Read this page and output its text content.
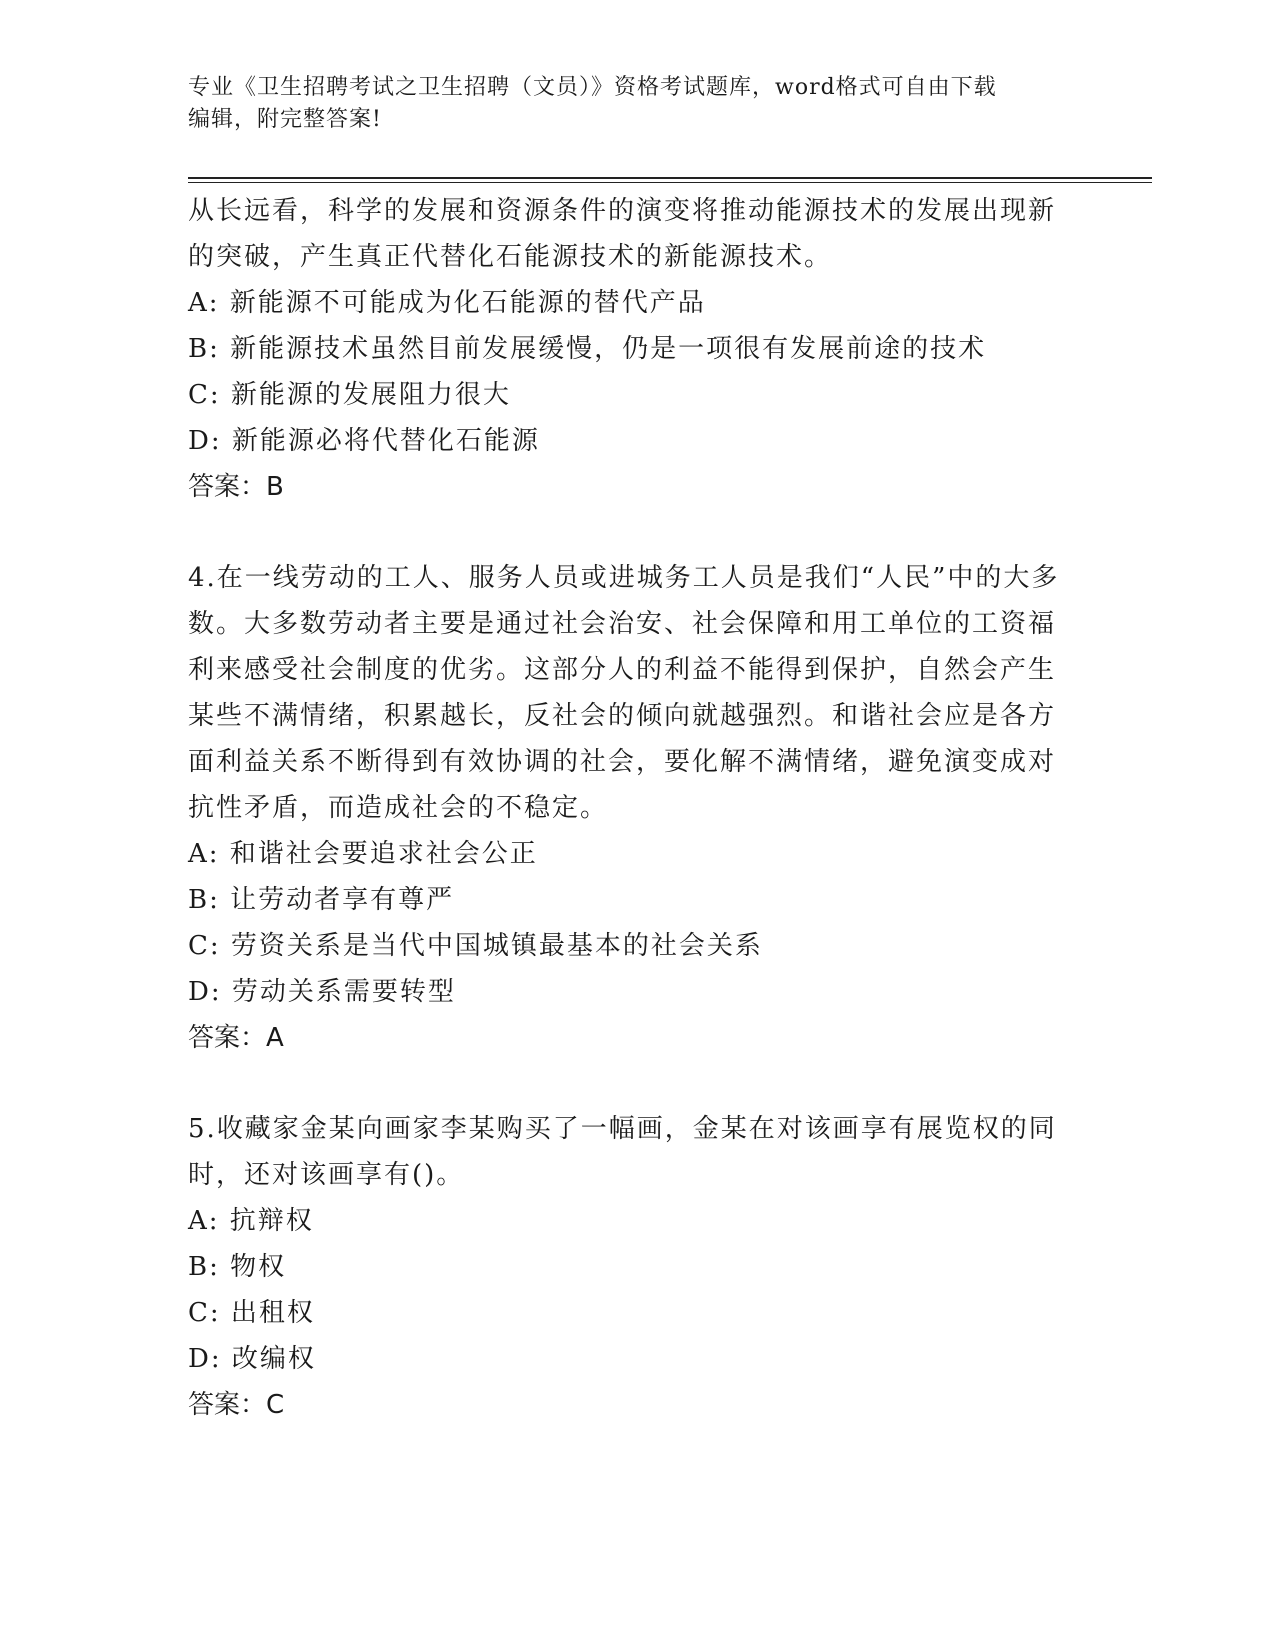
专业《卫生招聘考试之卫生招聘（文员）》资格考试题库，word格式可自由下载
编辑，附完整答案!

从长远看，科学的发展和资源条件的演变将推动能源技术的发展出现新的突破，产生真正代替化石能源技术的新能源技术。

A: 新能源不可能成为化石能源的替代产品

B: 新能源技术虽然目前发展缓慢，仍是一项很有发展前途的技术

C: 新能源的发展阻力很大

D: 新能源必将代替化石能源

答案：B

4.在一线劳动的工人、服务人员或进城务工人员是我们“人民”中的大多数。大多数劳动者主要是通过社会治安、社会保障和用工单位的工资福利来感受社会制度的优劣。这部分人的利益不能得到保护，自然会产生某些不满情绪，积累越长，反社会的倾向就越强烈。和谐社会应是各方面利益关系不断得到有效协调的社会，要化解不满情绪，避免演变成对抗性矛盾，而造成社会的不稳定。

A: 和谐社会要追求社会公正

B: 让劳动者享有尊严

C: 劳资关系是当代中国城镇最基本的社会关系

D: 劳动关系需要转型

答案：A

5.收藏家金某向画家李某购买了一幅画，金某在对该画享有展览权的同时，还对该画享有()。

A: 抗辩权

B: 物权

C: 出租权

D: 改编权

答案：C
